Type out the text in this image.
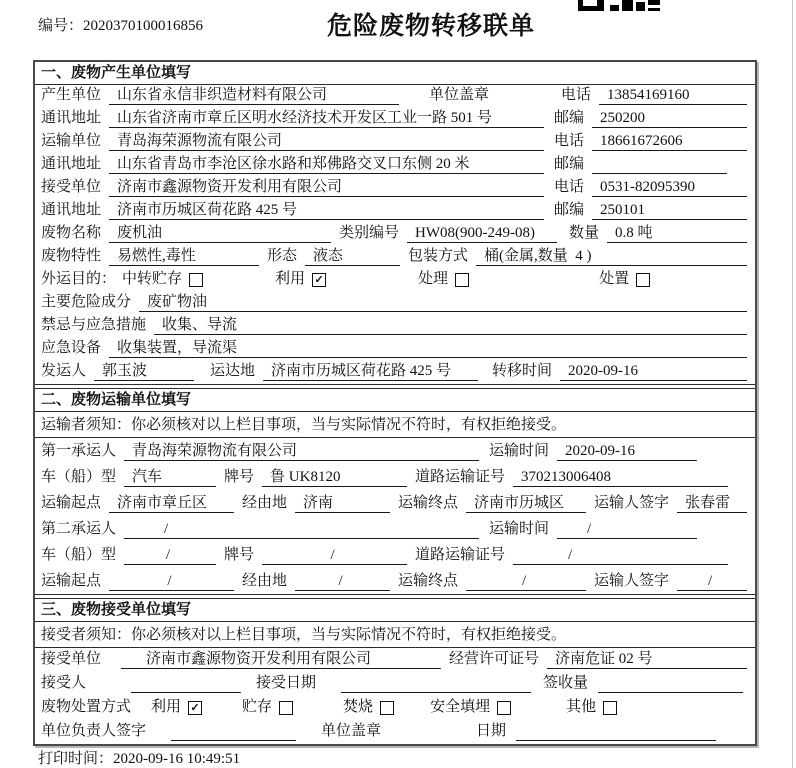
编号：2020370100016856	危险废物转移联单
一、废物产生单位填写
产生单位	山东省永信非织造材料有限公司	单位盖章	电话	13854169160
通讯地址	山东省济南市章丘区明水经济技术开发区工业一路 501 号	邮编	250200
运输单位	青岛海荣源物流有限公司	电话	18661672606
通讯地址	山东省青岛市李沧区徐水路和郑佛路交叉口东侧 20 米	邮编
接受单位	济南市鑫源物资开发利用有限公司	电话	0531-82095390
通讯地址	济南市历城区荷花路 425 号	邮编	250101
废物名称	废机油	类别编号	HW08(900-249-08)	数量	0.8 吨
废物特性	易燃性,毒性	形态	液态	包装方式	桶(金属,数量  4 )
外运目的： 中转贮存	利用 ✓	处理	处置
主要危险成分	废矿物油
禁忌与应急措施	收集、导流
应急设备	收集装置，导流渠
发运人	郭玉波	运达地	济南市历城区荷花路 425 号	转移时间	2020-09-16
二、废物运输单位填写
运输者须知：你必须核对以上栏目事项，当与实际情况不符时，有权拒绝接受。
第一承运人	青岛海荣源物流有限公司	运输时间	2020-09-16
车（船）型	汽车	牌号	鲁 UK8120	道路运输证号	370213006408
运输起点	济南市章丘区	经由地	济南	运输终点	济南市历城区	运输人签字	张春雷
第二承运人	/	运输时间	/
车（船）型	/	牌号	/	道路运输证号	/
运输起点	/	经由地	/	运输终点	/	运输人签字	/
三、废物接受单位填写
接受者须知：你必须核对以上栏目事项，当与实际情况不符时，有权拒绝接受。
接受单位	济南市鑫源物资开发利用有限公司	经营许可证号	济南危证 02 号
接受人	接受日期	签收量
废物处置方式 利用 ✓	贮存	焚烧	安全填埋	其他
单位负责人签字	单位盖章	日期
打印时间：2020-09-16 10:49:51
